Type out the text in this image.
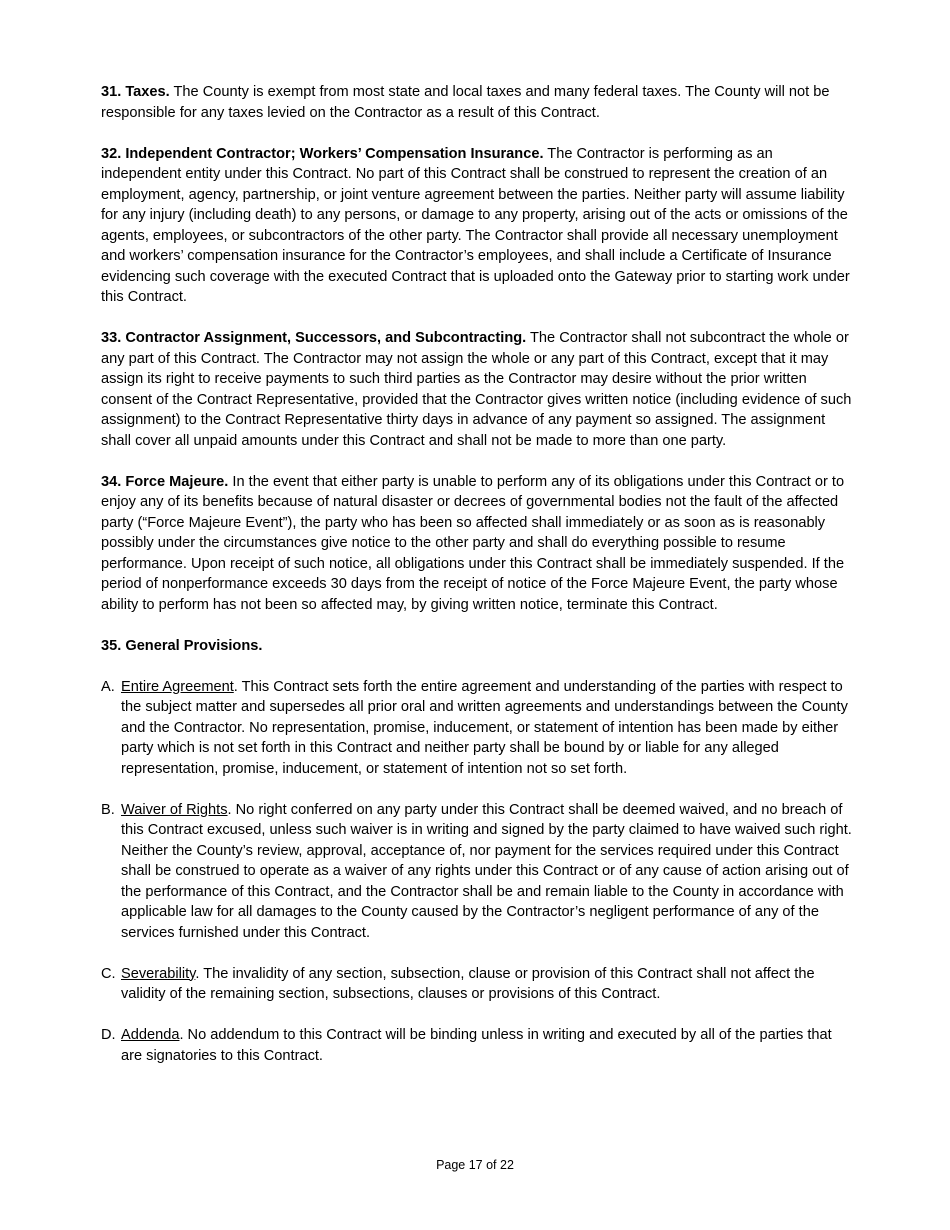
31. Taxes. The County is exempt from most state and local taxes and many federal taxes. The County will not be responsible for any taxes levied on the Contractor as a result of this Contract.

32. Independent Contractor; Workers’ Compensation Insurance. The Contractor is performing as an independent entity under this Contract. No part of this Contract shall be construed to represent the creation of an employment, agency, partnership, or joint venture agreement between the parties. Neither party will assume liability for any injury (including death) to any persons, or damage to any property, arising out of the acts or omissions of the agents, employees, or subcontractors of the other party. The Contractor shall provide all necessary unemployment and workers’ compensation insurance for the Contractor’s employees, and shall include a Certificate of Insurance evidencing such coverage with the executed Contract that is uploaded onto the Gateway prior to starting work under this Contract.

33. Contractor Assignment, Successors, and Subcontracting. The Contractor shall not subcontract the whole or any part of this Contract. The Contractor may not assign the whole or any part of this Contract, except that it may assign its right to receive payments to such third parties as the Contractor may desire without the prior written consent of the Contract Representative, provided that the Contractor gives written notice (including evidence of such assignment) to the Contract Representative thirty days in advance of any payment so assigned. The assignment shall cover all unpaid amounts under this Contract and shall not be made to more than one party.

34. Force Majeure. In the event that either party is unable to perform any of its obligations under this Contract or to enjoy any of its benefits because of natural disaster or decrees of governmental bodies not the fault of the affected party (“Force Majeure Event”), the party who has been so affected shall immediately or as soon as is reasonably possibly under the circumstances give notice to the other party and shall do everything possible to resume performance. Upon receipt of such notice, all obligations under this Contract shall be immediately suspended. If the period of nonperformance exceeds 30 days from the receipt of notice of the Force Majeure Event, the party whose ability to perform has not been so affected may, by giving written notice, terminate this Contract.

35. General Provisions.

A. Entire Agreement. This Contract sets forth the entire agreement and understanding of the parties with respect to the subject matter and supersedes all prior oral and written agreements and understandings between the County and the Contractor. No representation, promise, inducement, or statement of intention has been made by either party which is not set forth in this Contract and neither party shall be bound by or liable for any alleged representation, promise, inducement, or statement of intention not so set forth.
B. Waiver of Rights. No right conferred on any party under this Contract shall be deemed waived, and no breach of this Contract excused, unless such waiver is in writing and signed by the party claimed to have waived such right. Neither the County’s review, approval, acceptance of, nor payment for the services required under this Contract shall be construed to operate as a waiver of any rights under this Contract or of any cause of action arising out of the performance of this Contract, and the Contractor shall be and remain liable to the County in accordance with applicable law for all damages to the County caused by the Contractor’s negligent performance of any of the services furnished under this Contract.
C. Severability. The invalidity of any section, subsection, clause or provision of this Contract shall not affect the validity of the remaining section, subsections, clauses or provisions of this Contract.
D. Addenda. No addendum to this Contract will be binding unless in writing and executed by all of the parties that are signatories to this Contract.
Page 17 of 22
